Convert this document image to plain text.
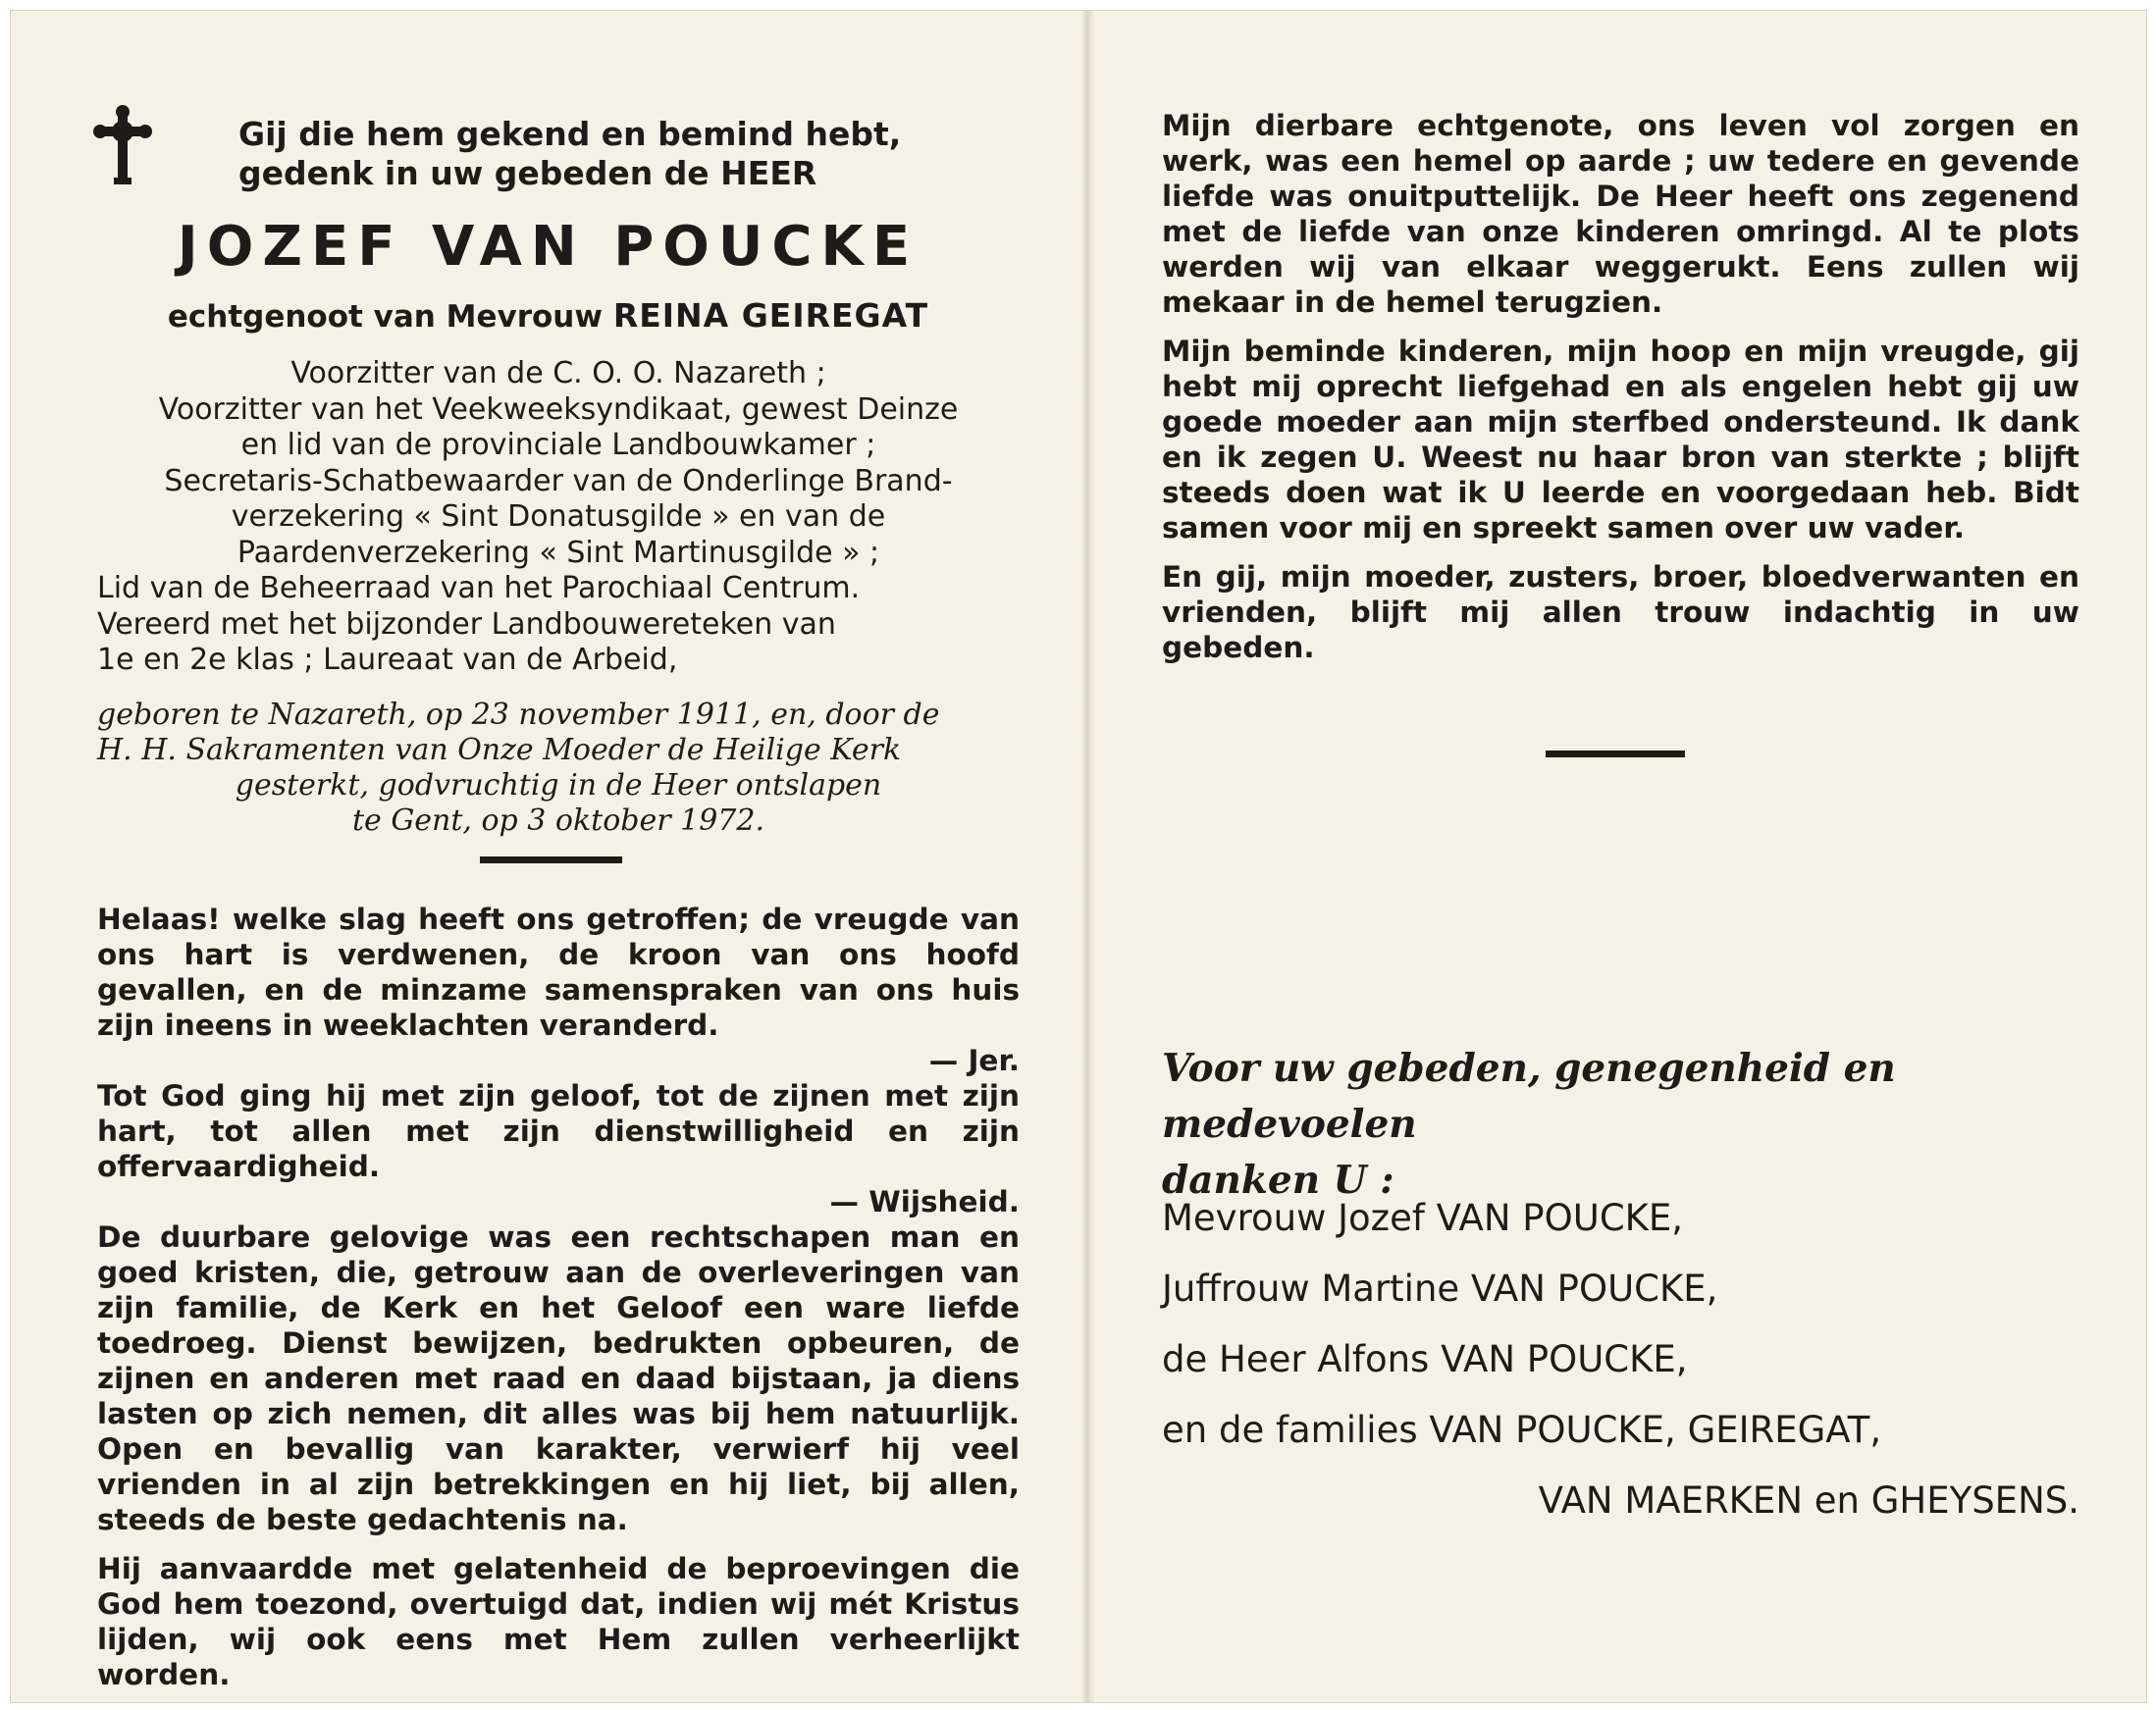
Gij die hem gekend en bemind hebt,
gedenk in uw gebeden de HEER
JOZEF VAN POUCKE
echtgenoot van Mevrouw REINA GEIREGAT
Voorzitter van de C. O. O. Nazareth ;
Voorzitter van het Veekweeksyndikaat, gewest Deinze
en lid van de provinciale Landbouwkamer ;
Secretaris-Schatbewaarder van de Onderlinge Brand-
verzekering « Sint Donatusgilde » en van de
Paardenverzekering « Sint Martinusgilde » ;
Lid van de Beheerraad van het Parochiaal Centrum.
Vereerd met het bijzonder Landbouwereteken van
1e en 2e klas ; Laureaat van de Arbeid,
geboren te Nazareth, op 23 november 1911, en, door de
H. H. Sakramenten van Onze Moeder de Heilige Kerk
gesterkt, godvruchtig in de Heer ontslapen
te Gent, op 3 oktober 1972.
Helaas! welke slag heeft ons getroffen; de vreugde van ons hart is verdwenen, de kroon van ons hoofd gevallen, en de minzame samenspraken van ons huis zijn ineens in weeklachten veranderd.
— Jer.
Tot God ging hij met zijn geloof, tot de zijnen met zijn hart, tot allen met zijn dienstwilligheid en zijn offervaardigheid.
— Wijsheid.
De duurbare gelovige was een rechtschapen man en goed kristen, die, getrouw aan de overleveringen van zijn familie, de Kerk en het Geloof een ware liefde toedroeg. Dienst bewijzen, bedrukten opbeuren, de zijnen en anderen met raad en daad bijstaan, ja diens lasten op zich nemen, dit alles was bij hem natuurlijk. Open en bevallig van karakter, verwierf hij veel vrienden in al zijn betrekkingen en hij liet, bij allen, steeds de beste gedachtenis na.
Hij aanvaardde met gelatenheid de beproevingen die God hem toezond, overtuigd dat, indien wij mét Kristus lijden, wij ook eens met Hem zullen verheerlijkt worden.
Mijn dierbare echtgenote, ons leven vol zorgen en werk, was een hemel op aarde ; uw tedere en gevende liefde was onuitputtelijk. De Heer heeft ons zegenend met de liefde van onze kinderen omringd. Al te plots werden wij van elkaar weggerukt. Eens zullen wij mekaar in de hemel terugzien.
Mijn beminde kinderen, mijn hoop en mijn vreugde, gij hebt mij oprecht liefgehad en als engelen hebt gij uw goede moeder aan mijn sterfbed ondersteund. Ik dank en ik zegen U. Weest nu haar bron van sterkte ; blijft steeds doen wat ik U leerde en voorgedaan heb. Bidt samen voor mij en spreekt samen over uw vader.
En gij, mijn moeder, zusters, broer, bloedverwanten en vrienden, blijft mij allen trouw indachtig in uw gebeden.
Voor uw gebeden, genegenheid en medevoelen
danken U :
Mevrouw Jozef VAN POUCKE,
Juffrouw Martine VAN POUCKE,
de Heer Alfons VAN POUCKE,
en de families VAN POUCKE, GEIREGAT,
VAN MAERKEN en GHEYSENS.
